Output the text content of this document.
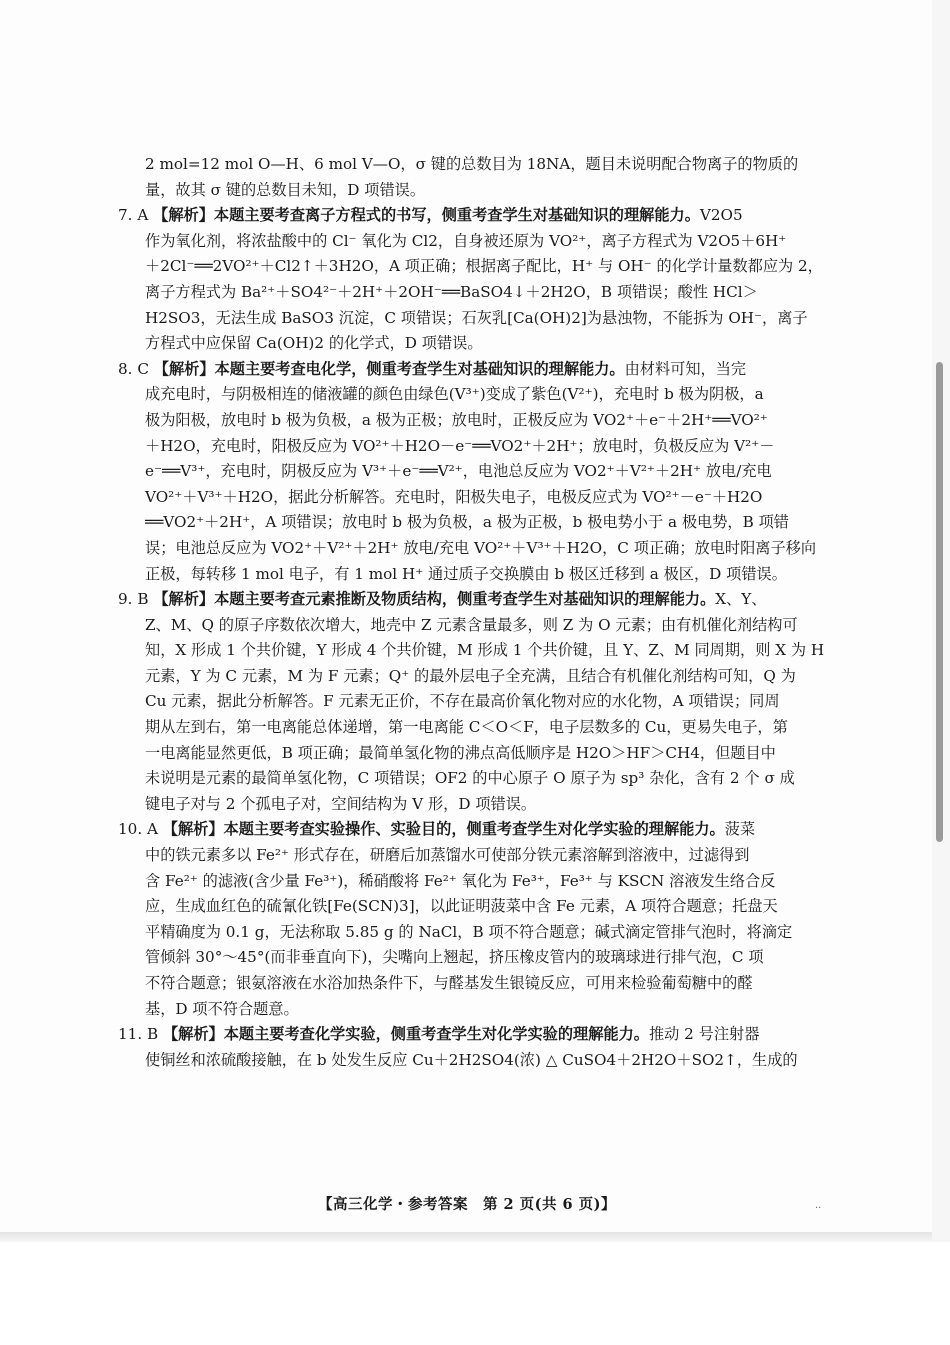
2 mol=12 mol O—H、6 mol V—O，σ 键的总数目为 18NA，题目未说明配合物离子的物质的
量，故其 σ 键的总数目未知，D 项错误。
7. A 【解析】本题主要考查离子方程式的书写，侧重考查学生对基础知识的理解能力。V2O5
作为氧化剂，将浓盐酸中的 Cl⁻ 氧化为 Cl2，自身被还原为 VO²⁺，离子方程式为 V2O5＋6H⁺
＋2Cl⁻══2VO²⁺＋Cl2↑＋3H2O，A 项正确；根据离子配比，H⁺ 与 OH⁻ 的化学计量数都应为 2，
离子方程式为 Ba²⁺＋SO4²⁻＋2H⁺＋2OH⁻══BaSO4↓＋2H2O，B 项错误；酸性 HCl＞
H2SO3，无法生成 BaSO3 沉淀，C 项错误；石灰乳[Ca(OH)2]为悬浊物，不能拆为 OH⁻，离子
方程式中应保留 Ca(OH)2 的化学式，D 项错误。
8. C 【解析】本题主要考查电化学，侧重考查学生对基础知识的理解能力。由材料可知，当完
成充电时，与阴极相连的储液罐的颜色由绿色(V³⁺)变成了紫色(V²⁺)，充电时 b 极为阴极，a
极为阳极，放电时 b 极为负极，a 极为正极；放电时，正极反应为 VO2⁺＋e⁻＋2H⁺══VO²⁺
＋H2O，充电时，阳极反应为 VO²⁺＋H2O－e⁻══VO2⁺＋2H⁺；放电时，负极反应为 V²⁺－
e⁻══V³⁺，充电时，阴极反应为 V³⁺＋e⁻══V²⁺，电池总反应为 VO2⁺＋V²⁺＋2H⁺ 放电/充电
VO²⁺＋V³⁺＋H2O，据此分析解答。充电时，阳极失电子，电极反应式为 VO²⁺－e⁻＋H2O
══VO2⁺＋2H⁺，A 项错误；放电时 b 极为负极，a 极为正极，b 极电势小于 a 极电势，B 项错
误；电池总反应为 VO2⁺＋V²⁺＋2H⁺ 放电/充电 VO²⁺＋V³⁺＋H2O，C 项正确；放电时阳离子移向
正极，每转移 1 mol 电子，有 1 mol H⁺ 通过质子交换膜由 b 极区迁移到 a 极区，D 项错误。
9. B 【解析】本题主要考查元素推断及物质结构，侧重考查学生对基础知识的理解能力。X、Y、
Z、M、Q 的原子序数依次增大，地壳中 Z 元素含量最多，则 Z 为 O 元素；由有机催化剂结构可
知，X 形成 1 个共价键，Y 形成 4 个共价键，M 形成 1 个共价键，且 Y、Z、M 同周期，则 X 为 H
元素，Y 为 C 元素，M 为 F 元素；Q⁺ 的最外层电子全充满，且结合有机催化剂结构可知，Q 为
Cu 元素，据此分析解答。F 元素无正价，不存在最高价氧化物对应的水化物，A 项错误；同周
期从左到右，第一电离能总体递增，第一电离能 C＜O＜F，电子层数多的 Cu，更易失电子，第
一电离能显然更低，B 项正确；最简单氢化物的沸点高低顺序是 H2O＞HF＞CH4，但题目中
未说明是元素的最简单氢化物，C 项错误；OF2 的中心原子 O 原子为 sp³ 杂化，含有 2 个 σ 成
键电子对与 2 个孤电子对，空间结构为 V 形，D 项错误。
10. A 【解析】本题主要考查实验操作、实验目的，侧重考查学生对化学实验的理解能力。菠菜
中的铁元素多以 Fe²⁺ 形式存在，研磨后加蒸馏水可使部分铁元素溶解到溶液中，过滤得到
含 Fe²⁺ 的滤液(含少量 Fe³⁺)，稀硝酸将 Fe²⁺ 氧化为 Fe³⁺，Fe³⁺ 与 KSCN 溶液发生络合反
应，生成血红色的硫氰化铁[Fe(SCN)3]，以此证明菠菜中含 Fe 元素，A 项符合题意；托盘天
平精确度为 0.1 g，无法称取 5.85 g 的 NaCl，B 项不符合题意；碱式滴定管排气泡时，将滴定
管倾斜 30°～45°(而非垂直向下)，尖嘴向上翘起，挤压橡皮管内的玻璃球进行排气泡，C 项
不符合题意；银氨溶液在水浴加热条件下，与醛基发生银镜反应，可用来检验葡萄糖中的醛
基，D 项不符合题意。
11. B 【解析】本题主要考查化学实验，侧重考查学生对化学实验的理解能力。推动 2 号注射器
使铜丝和浓硫酸接触，在 b 处发生反应 Cu＋2H2SO4(浓) △ CuSO4＋2H2O＋SO2↑，生成的
【高三化学・参考答案　第 2 页(共 6 页)】	··
